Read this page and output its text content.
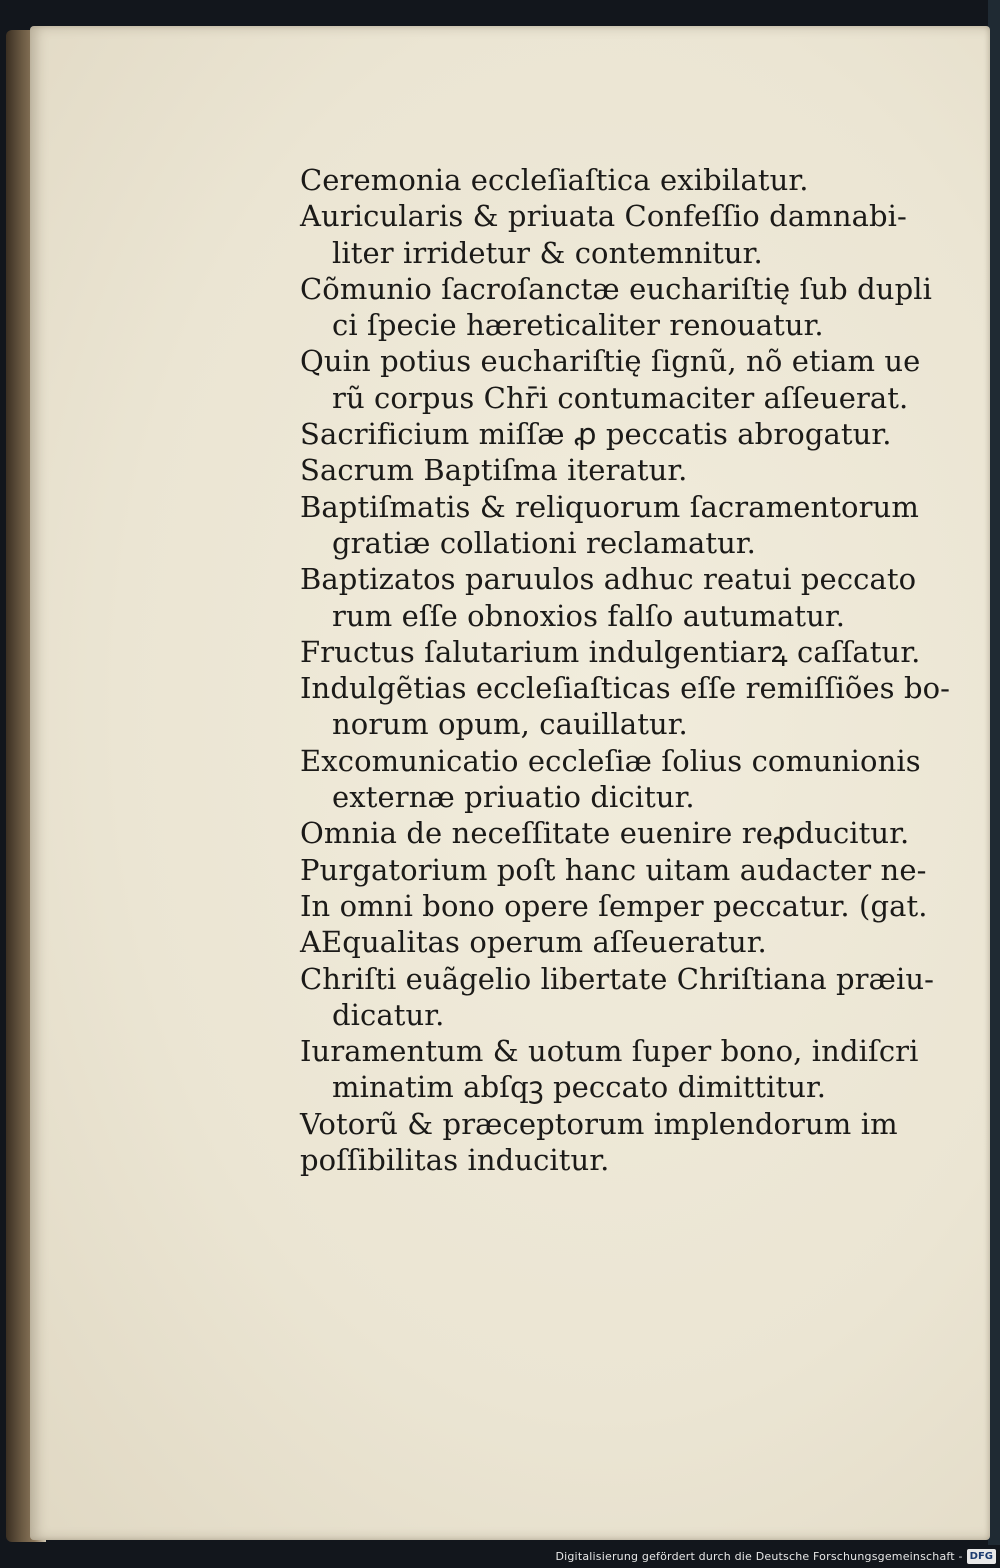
Ceremonia eccleſiaſtica exibilatur.
Auricularis & priuata Confeſſio damnabi-
liter irridetur & contemnitur.
Cõmunio ſacroſanctæ euchariſtię ſub dupli
ci ſpecie hæreticaliter renouatur.
Quin potius euchariſtię ſignũ, nõ etiam ue
rũ corpus Chr̄i contumaciter aſſeuerat.
Sacrificium miſſæ ꝓ peccatis abrogatur.
Sacrum Baptiſma iteratur.
Baptiſmatis & reliquorum ſacramentorum
gratiæ collationi reclamatur.
Baptizatos paruulos adhuc reatui peccato
rum eſſe obnoxios falſo autumatur.
Fructus ſalutarium indulgentiarꝝ caſſatur.
Indulgẽtias eccleſiaſticas eſſe remiſſiões bo-
norum opum, cauillatur.
Excomunicatio eccleſiæ ſolius comunionis
externæ priuatio dicitur.
Omnia de neceſſitate euenire reꝓducitur.
Purgatorium poſt hanc uitam audacter ne-
In omni bono opere ſemper peccatur. (gat.
AEqualitas operum aſſeueratur.
Chriſti euãgelio libertate Chriſtiana præiu-
dicatur.
Iuramentum & uotum ſuper bono, indiſcri
minatim abſqꝫ peccato dimittitur.
Votorũ & præceptorum implendorum im
poſſibilitas inducitur.
Digitalisierung gefördert durch die Deutsche Forschungsgemeinschaft - DFG
